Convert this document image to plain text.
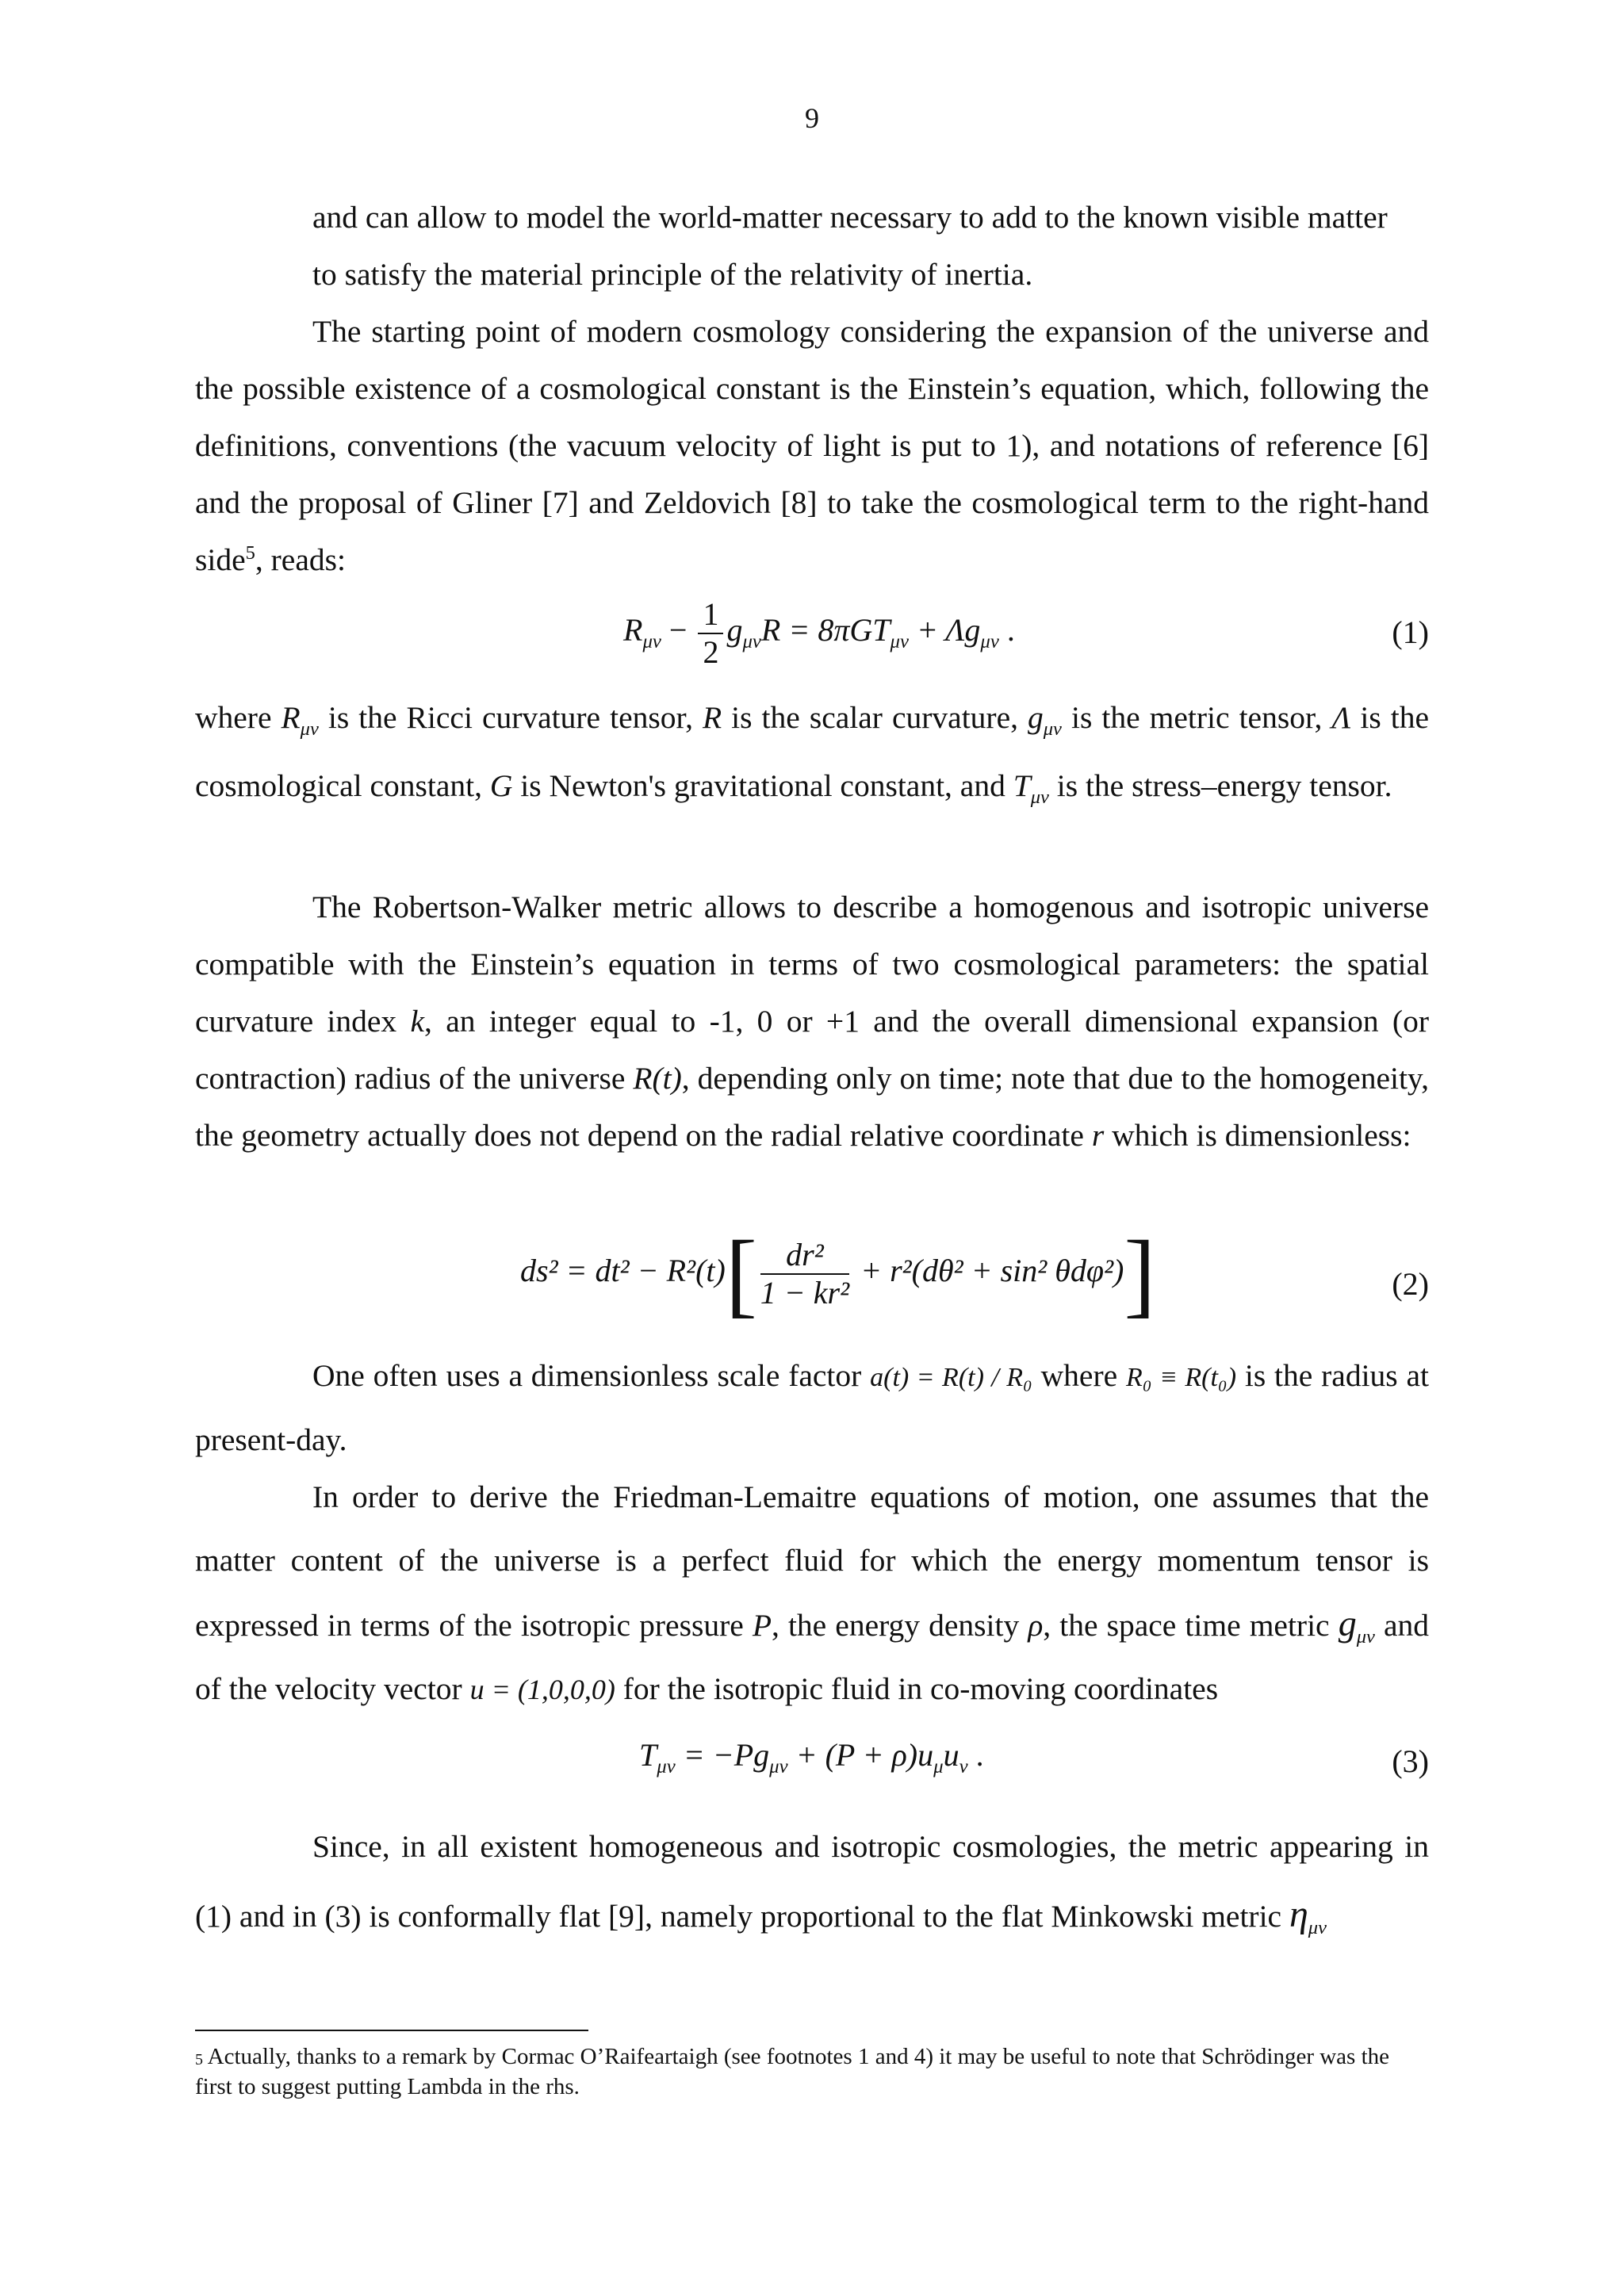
9

and can allow to model the world-matter necessary to add to the known visible matter

to satisfy the material principle of the relativity of inertia.

The starting point of modern cosmology considering the expansion of the universe and the possible existence of a cosmological constant is the Einstein’s equation, which, following the definitions, conventions (the vacuum velocity of light is put to 1), and notations of reference [6] and the proposal of Gliner [7] and Zeldovich [8] to take the cosmological term to the right-hand side$^5$, reads:

$R_{\mu\nu} - \frac{1}{2} g_{\mu\nu}R = 8\pi GT_{\mu\nu} + \Lambda g_{\mu\nu}$ .	(1)

where $R_{\mu\nu}$ is the Ricci curvature tensor, R is the scalar curvature, $g_{\mu\nu}$ is the metric tensor, Λ is the cosmological constant, G is Newton's gravitational constant, and $T_{\mu\nu}$ is the stress–energy tensor.

The Robertson-Walker metric allows to describe a homogenous and isotropic universe compatible with the Einstein’s equation in terms of two cosmological parameters: the spatial curvature index k, an integer equal to -1, 0 or +1 and the overall dimensional expansion (or contraction) radius of the universe R(t), depending only on time; note that due to the homogeneity, the geometry actually does not depend on the radial relative coordinate r which is dimensionless:

$ds^2 = dt^2 - R^2(t)[ \frac{\text{dr²}}{\text{1 − kr²}} + r^2(d\theta^2 + \sin^2$ θdφ²)]	(2)

One often uses a dimensionless scale factor a(t) = R(t) / R₀ where R₀ ≡ R(t₀) is the radius at present-day.

In order to derive the Friedman-Lemaitre equations of motion, one assumes that the matter content of the universe is a perfect fluid for which the energy momentum tensor is expressed in terms of the isotropic pressure P, the energy density ρ, the space time metric $g_{\mu\nu}$ and of the velocity vector u = (1,0,0,0) for the isotropic fluid in co-moving coordinates

$T_{\mu\nu} = -Pg_{\mu\nu} + (P + \rho)u_\mu u_\nu$ .	(3)

Since, in all existent homogeneous and isotropic cosmologies, the metric appearing in (1) and in (3) is conformally flat [9], namely proportional to the flat Minkowski metric $\eta_{\mu\nu}$

$^5$ Actually, thanks to a remark by Cormac O’Raifeartaigh (see footnotes 1 and 4) it may be useful to note that Schrödinger was the first to suggest putting Lambda in the rhs.
